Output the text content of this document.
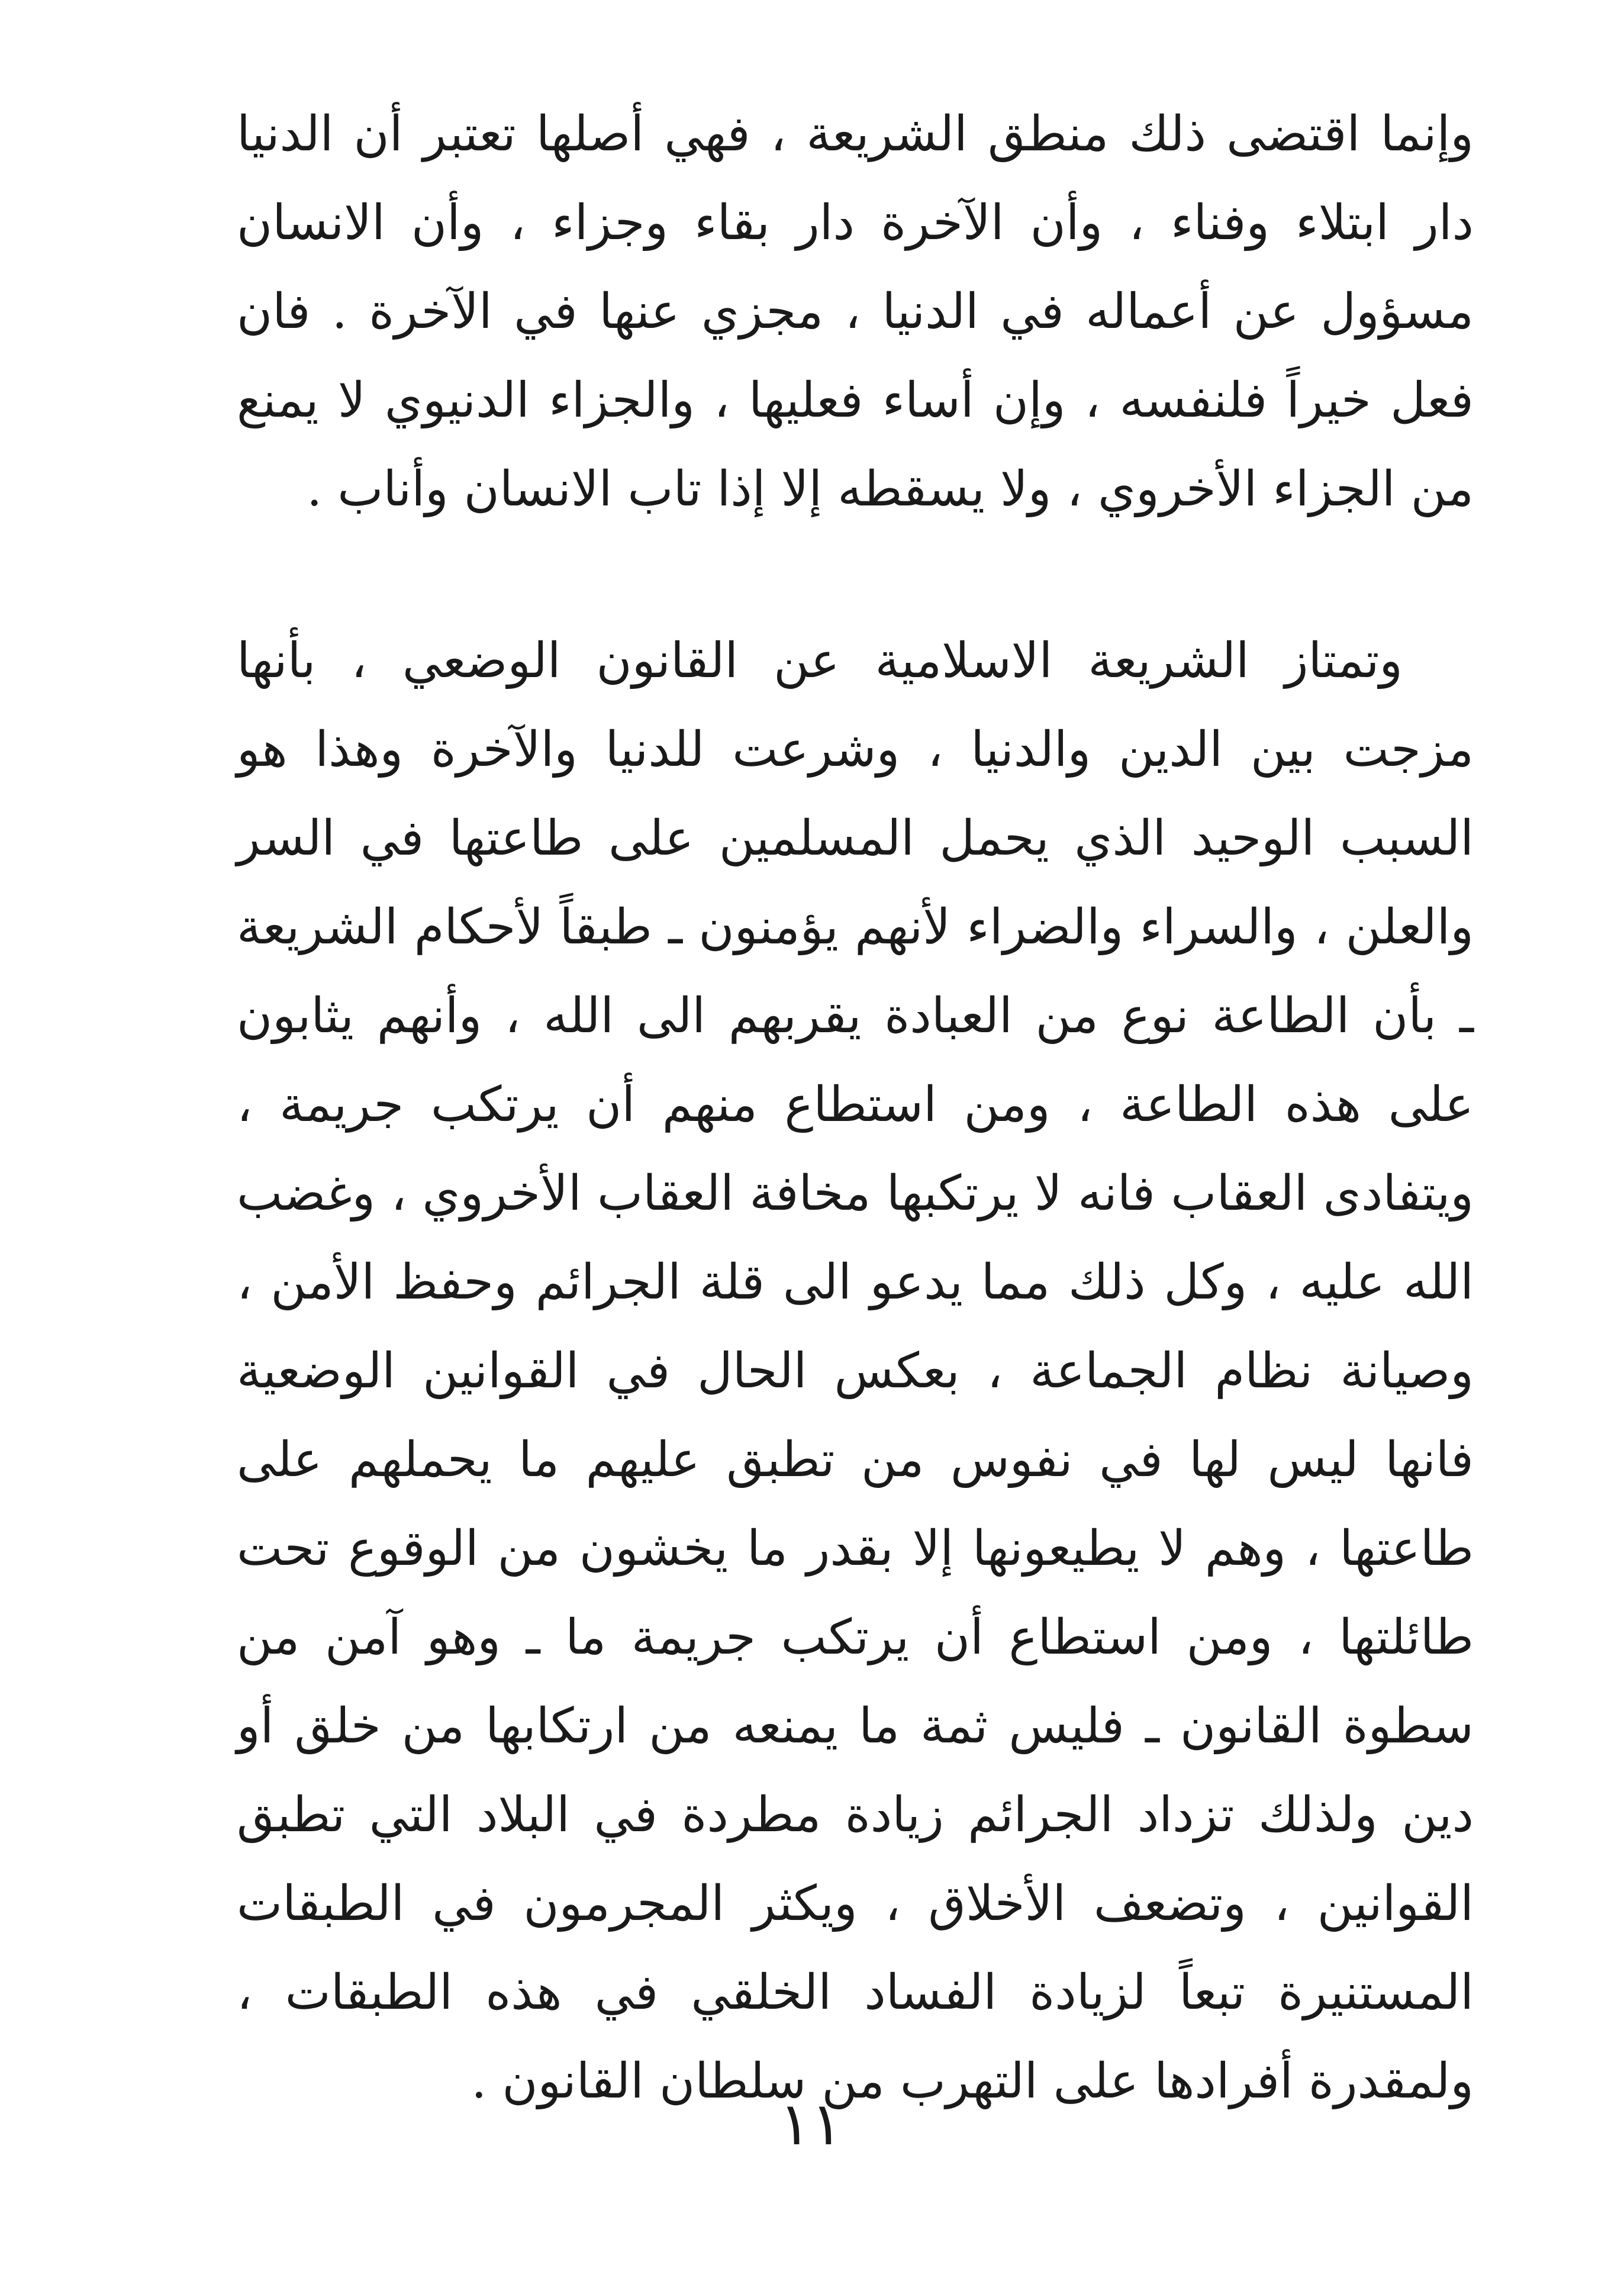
وإنما اقتضى ذلك منطق الشريعة ، فهي أصلها تعتبر أن الدنيا دار ابتلاء وفناء ، وأن الآخرة دار بقاء وجزاء ، وأن الانسان مسؤول عن أعماله في الدنيا ، مجزي عنها في الآخرة . فان فعل خيراً فلنفسه ، وإن أساء فعليها ، والجزاء الدنيوي لا يمنع من الجزاء الأخروي ، ولا يسقطه إلا إذا تاب الانسان وأناب .

وتمتاز الشريعة الاسلامية عن القانون الوضعي ، بأنها مزجت بين الدين والدنيا ، وشرعت للدنيا والآخرة وهذا هو السبب الوحيد الذي يحمل المسلمين على طاعتها في السر والعلن ، والسراء والضراء لأنهم يؤمنون ـ طبقاً لأحكام الشريعة ـ بأن الطاعة نوع من العبادة يقربهم الى الله ، وأنهم يثابون على هذه الطاعة ، ومن استطاع منهم أن يرتكب جريمة ، ويتفادى العقاب فانه لا يرتكبها مخافة العقاب الأخروي ، وغضب الله عليه ، وكل ذلك مما يدعو الى قلة الجرائم وحفظ الأمن ، وصيانة نظام الجماعة ، بعكس الحال في القوانين الوضعية فانها ليس لها في نفوس من تطبق عليهم ما يحملهم على طاعتها ، وهم لا يطيعونها إلا بقدر ما يخشون من الوقوع تحت طائلتها ، ومن استطاع أن يرتكب جريمة ما ـ وهو آمن من سطوة القانون ـ فليس ثمة ما يمنعه من ارتكابها من خلق أو دين ولذلك تزداد الجرائم زيادة مطردة في البلاد التي تطبق القوانين ، وتضعف الأخلاق ، ويكثر المجرمون في الطبقات المستنيرة تبعاً لزيادة الفساد الخلقي في هذه الطبقات ، ولمقدرة أفرادها على التهرب من سلطان القانون .

١١
